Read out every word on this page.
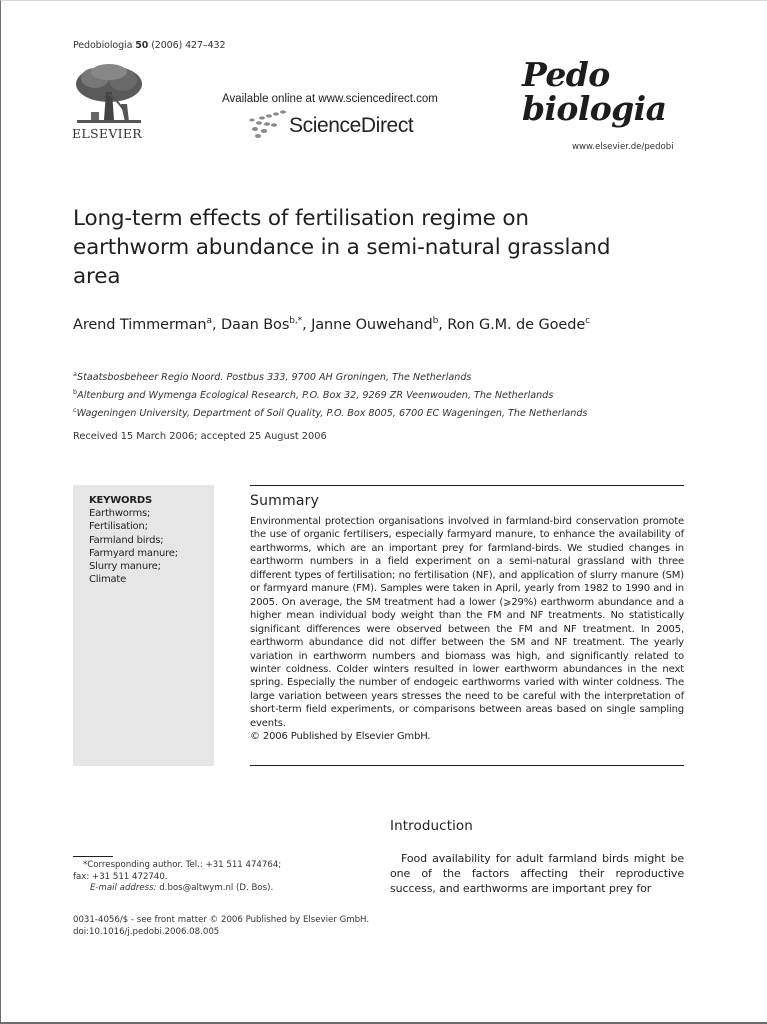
Pedobiologia 50 (2006) 427–432
ELSEVIER
Available online at www.sciencedirect.com
ScienceDirect
Pedo
biologia
www.elsevier.de/pedobi
Long-term effects of fertilisation regime on earthworm abundance in a semi-natural grassland area
Arend Timmerman$^a$, Daan Bos$^{b,*}$, Janne Ouwehand$^b$, Ron G.M. de Goede$^c$
$^a$Staatsbosbeheer Regio Noord. Postbus 333, 9700 AH Groningen, The Netherlands
$^b$Altenburg and Wymenga Ecological Research, P.O. Box 32, 9269 ZR Veenwouden, The Netherlands
$^c$Wageningen University, Department of Soil Quality, P.O. Box 8005, 6700 EC Wageningen, The Netherlands
Received 15 March 2006; accepted 25 August 2006
KEYWORDS
Earthworms;
Fertilisation;
Farmland birds;
Farmyard manure;
Slurry manure;
Climate
Summary
Environmental protection organisations involved in farmland-bird conservation promote the use of organic fertilisers, especially farmyard manure, to enhance the availability of earthworms, which are an important prey for farmland-birds. We studied changes in earthworm numbers in a field experiment on a semi-natural grassland with three different types of fertilisation; no fertilisation (NF), and application of slurry manure (SM) or farmyard manure (FM). Samples were taken in April, yearly from 1982 to 1990 and in 2005. On average, the SM treatment had a lower (⩾29%) earthworm abundance and a higher mean individual body weight than the FM and NF treatments. No statistically significant differences were observed between the FM and NF treatment. In 2005, earthworm abundance did not differ between the SM and NF treatment. The yearly variation in earthworm numbers and biomass was high, and significantly related to winter coldness. Colder winters resulted in lower earthworm abundances in the next spring. Especially the number of endogeic earthworms varied with winter coldness. The large variation between years stresses the need to be careful with the interpretation of short-term field experiments, or comparisons between areas based on single sampling events.
© 2006 Published by Elsevier GmbH.
Introduction
Food availability for adult farmland birds might be one of the factors affecting their reproductive success, and earthworms are important prey for
*Corresponding author. Tel.: +31 511 474764;
fax: +31 511 472740.
E-mail address: d.bos@altwym.nl (D. Bos).
0031-4056/$ - see front matter © 2006 Published by Elsevier GmbH.
doi:10.1016/j.pedobi.2006.08.005
